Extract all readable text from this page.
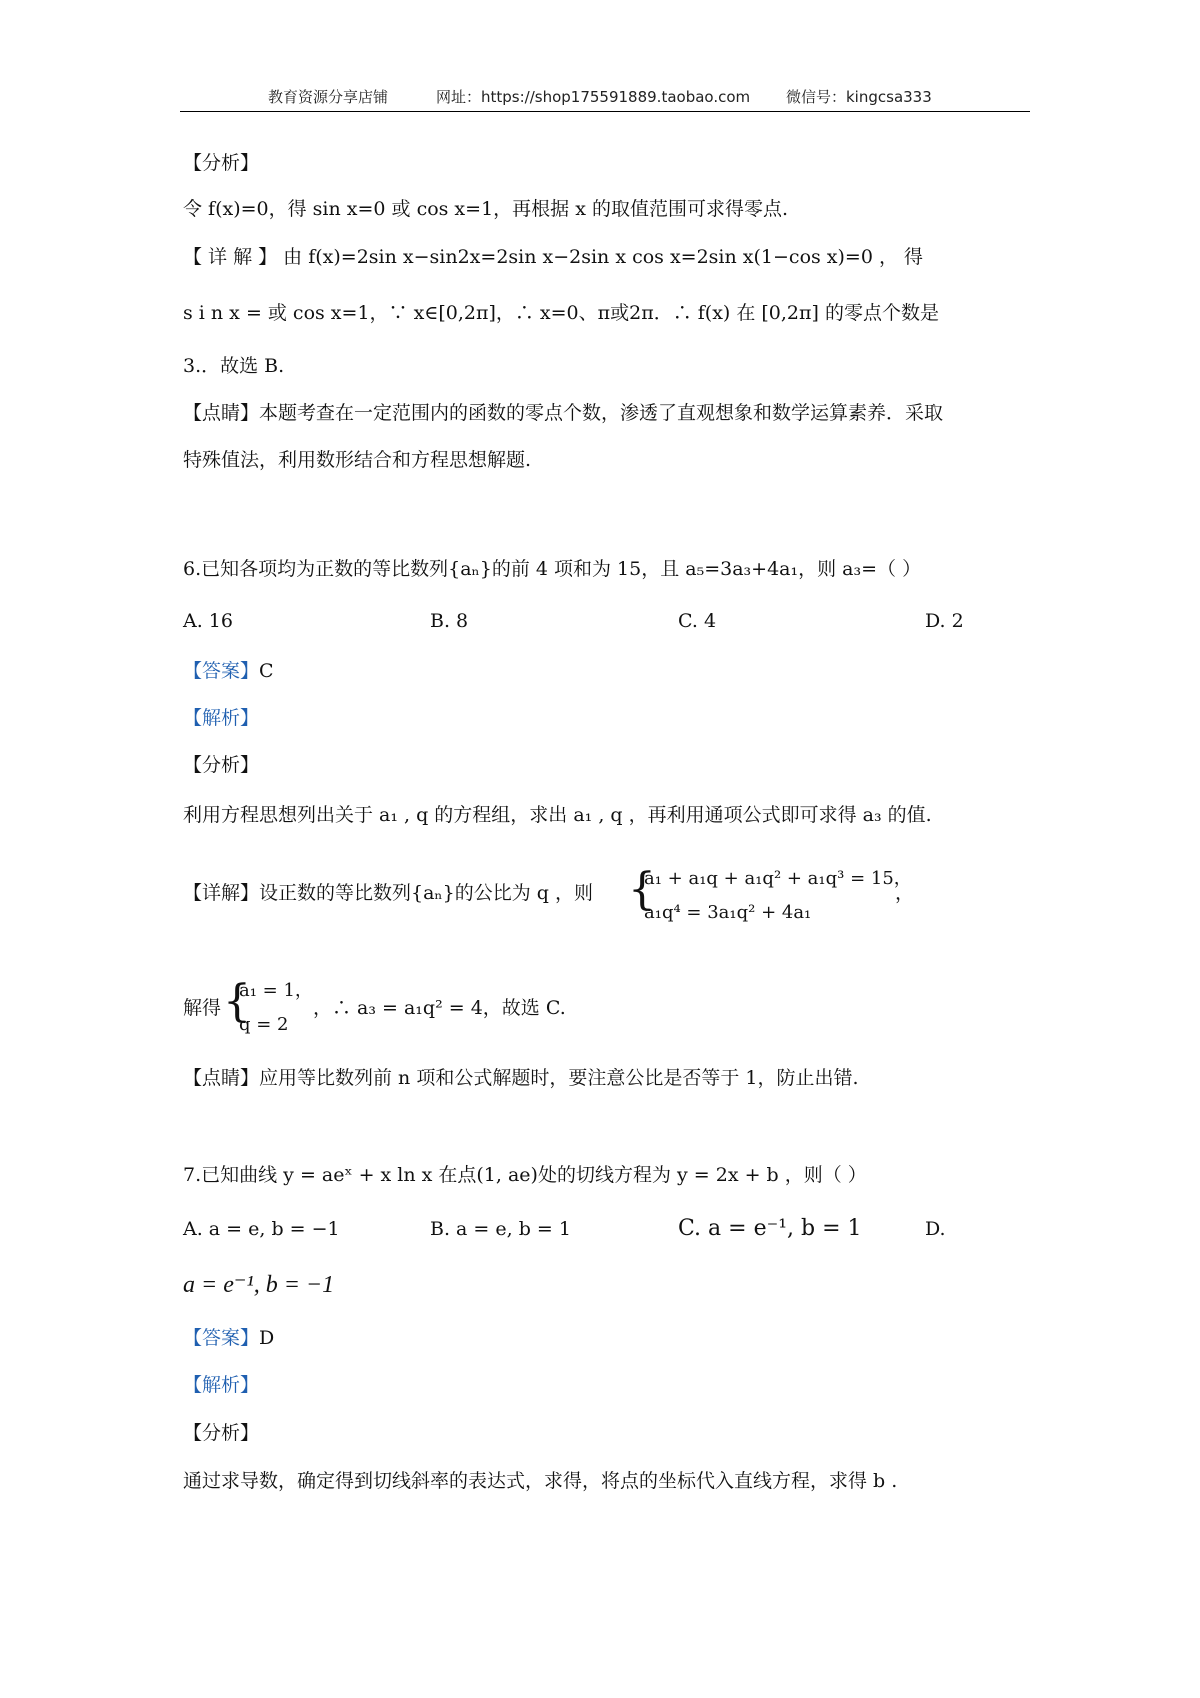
教育资源分享店铺	网址：https://shop175591889.taobao.com 微信号：kingcsa333
【分析】
令 f(x)=0，得 sin x=0 或 cos x=1，再根据 x 的取值范围可求得零点.
【 详 解 】 由 f(x)=2sin x−sin2x=2sin x−2sin x cos x=2sin x(1−cos x)=0 ， 得
s i n x = 或 cos x=1，∵ x∈[0,2π]，∴ x=0、π或2π．∴ f(x) 在 [0,2π] 的零点个数是
3.．故选 B.
【点睛】本题考查在一定范围内的函数的零点个数，渗透了直观想象和数学运算素养．采取
特殊值法，利用数形结合和方程思想解题.
6.已知各项均为正数的等比数列{aₙ}的前 4 项和为 15，且 a₅=3a₃+4a₁，则 a₃=（ ）
A. 16	B. 8	C. 4	D. 2
【答案】C
【解析】
【分析】
利用方程思想列出关于 a₁ , q 的方程组，求出 a₁ , q ，再利用通项公式即可求得 a₃ 的值.
【详解】设正数的等比数列{aₙ}的公比为 q ，则 {
a₁ + a₁q + a₁q² + a₁q³ = 15，
a₁q⁴ = 3a₁q² + 4a₁
，
解得 {
a₁ = 1，
q = 2
，∴ a₃ = a₁q² = 4，故选 C.
【点睛】应用等比数列前 n 项和公式解题时，要注意公比是否等于 1，防止出错.
7.已知曲线 y = aeˣ + x ln x 在点(1, ae)处的切线方程为 y = 2x + b ，则（ ）
A. a = e, b = −1	B. a = e, b = 1	C. a = e⁻¹, b = 1	D.
a = e⁻¹, b = −1
【答案】D
【解析】
【分析】
通过求导数，确定得到切线斜率的表达式，求得，将点的坐标代入直线方程，求得 b .
